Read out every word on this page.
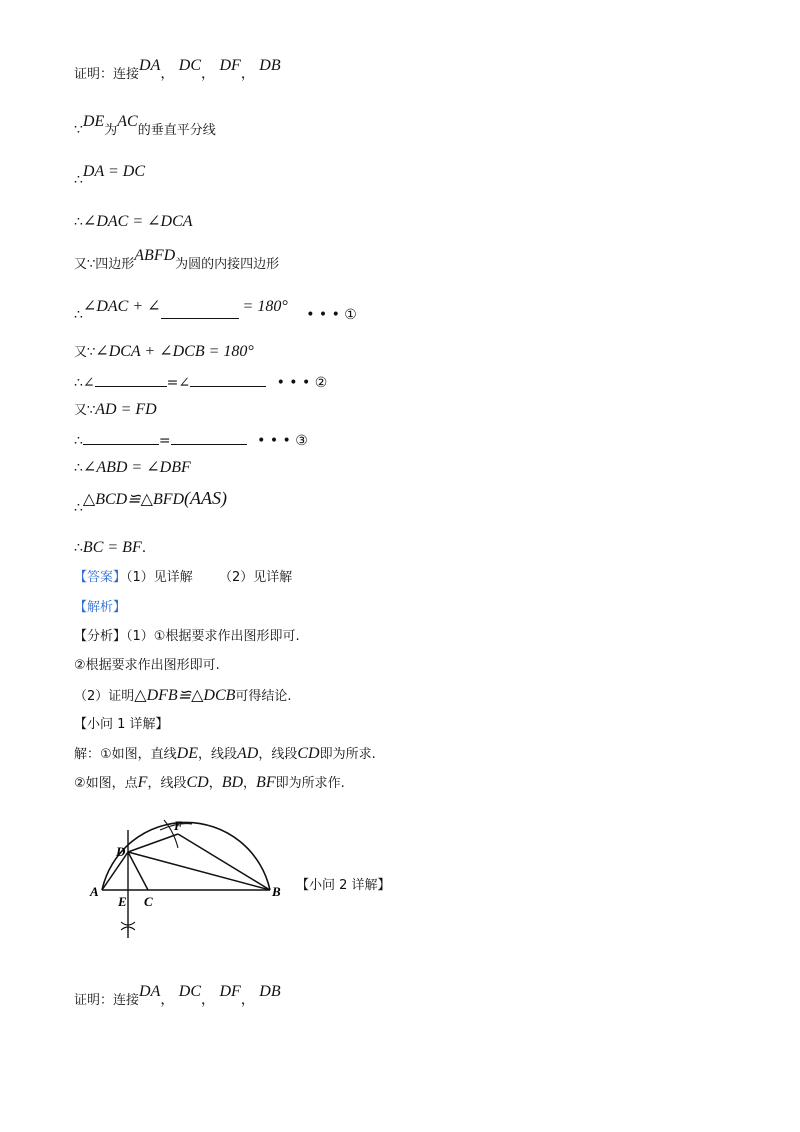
证明：连接DA， DC， DF， DB
∵DE为AC的垂直平分线
∴DA = DC
∴∠DAC = ∠DCA
又∵四边形ABFD为圆的内接四边形
∴∠DAC + ∠	= 180° • • • ①
又∵∠DCA + ∠DCB = 180°
∴∠	=∠	• • • ②
又∵AD = FD
∴	=	• • • ③
∴∠ABD = ∠DBF
∴△BCD≌△BFD(AAS)
∴BC = BF.
【答案】（1）见详解 （2）见详解
【解析】
【分析】（1）①根据要求作出图形即可.
②根据要求作出图形即可.
（2）证明△DFB≌△DCB可得结论.
【小问 1 详解】
解：①如图，直线DE，线段AD，线段CD即为所求.
②如图，点F，线段CD，BD，BF即为所求作.
A	B
C
D
E
F
【小问 2 详解】
证明：连接DA， DC， DF， DB
